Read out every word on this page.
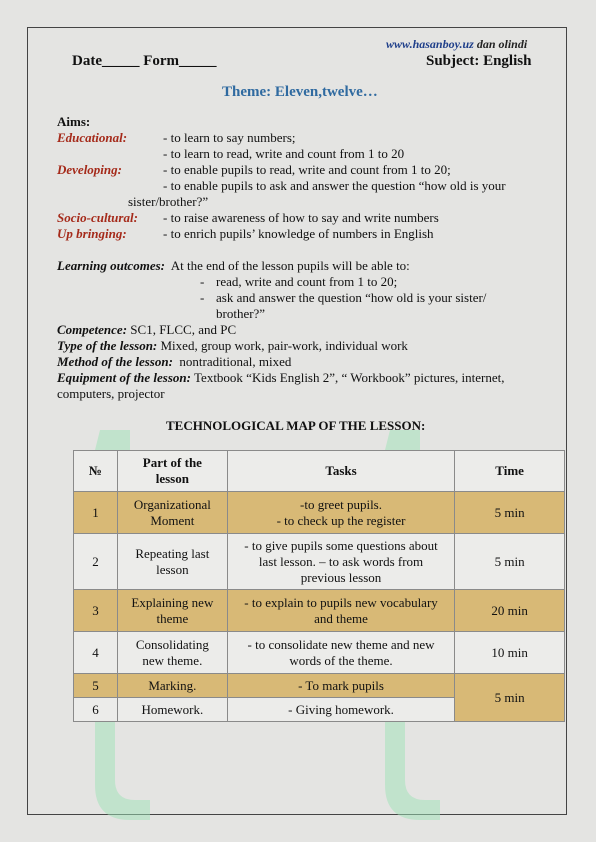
www.hasanboy.uz dan olindi
Date_____ Form_____	Subject: English
Theme: Eleven,twelve…
Aims:
Educational:	- to learn to say numbers;
- to learn to read, write and count from 1 to 20
Developing:	- to enable pupils to read, write and count from 1 to 20;
- to enable pupils to ask and answer the question “how old is your
sister/brother?”
Socio-cultural: - to raise awareness of how to say and write numbers
Up bringing:	- to enrich pupils’ knowledge of numbers in English
Learning outcomes: At the end of the lesson pupils will be able to:
- read, write and count from 1 to 20;
- ask and answer the question “how old is your sister/
brother?”
Competence: SC1, FLCC, and PC
Type of the lesson: Mixed, group work, pair-work, individual work
Method of the lesson: nontraditional, mixed
Equipment of the lesson: Textbook “Kids English 2”, “ Workbook” pictures, internet,
computers, projector
TECHNOLOGICAL MAP OF THE LESSON:
№	Part of the
lesson	Tasks	Time
1	Organizational
Moment	-to greet pupils.
- to check up the register	5 min
2	Repeating last
lesson	- to give pupils some questions about
last lesson. – to ask words from
previous lesson	5 min
3	Explaining new
theme	- to explain to pupils new vocabulary
and theme	20 min
4	Consolidating
new theme.	- to consolidate new theme and new
words of the theme.	10 min
5	Marking.	- To mark pupils	5 min
6	Homework.	- Giving homework.	
